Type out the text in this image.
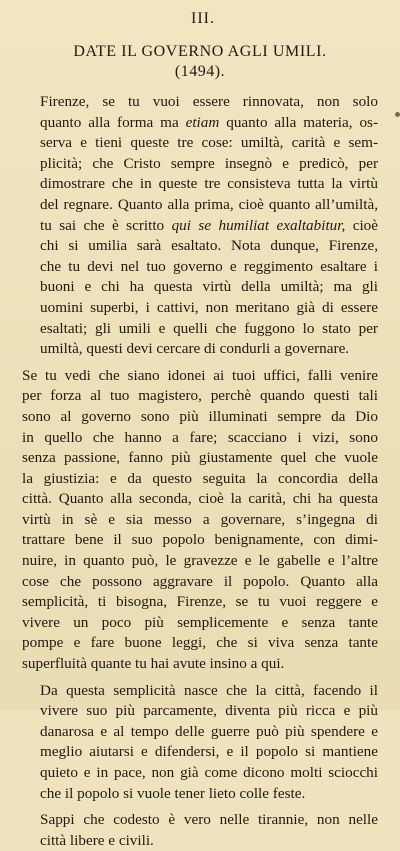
III.
DATE IL GOVERNO AGLI UMILI.
(1494).

Firenze, se tu vuoi essere rinnovata, non solo
quanto alla forma ma etiam quanto alla materia, os-
serva e tieni queste tre cose: umiltà, carità e sem-
plicità; che Cristo sempre insegnò e predicò, per
dimostrare che in queste tre consisteva tutta la virtù
del regnare. Quanto alla prima, cioè quanto all’umiltà,
tu sai che è scritto qui se humiliat exaltabitur, cioè
chi si umilia sarà esaltato. Nota dunque, Firenze,
che tu devi nel tuo governo e reggimento esaltare i
buoni e chi ha questa virtù della umiltà; ma gli
uomini superbi, i cattivi, non meritano già di essere
esaltati; gli umili e quelli che fuggono lo stato per
umiltà, questi devi cercare di condurli a governare.

Se tu vedi che siano idonei ai tuoi uffici, falli venire
per forza al tuo magistero, perchè quando questi tali
sono al governo sono più illuminati sempre da Dio
in quello che hanno a fare; scacciano i vizi, sono
senza passione, fanno più giustamente quel che vuole
la giustizia: e da questo seguita la concordia della
città. Quanto alla seconda, cioè la carità, chi ha questa
virtù in sè e sia messo a governare, s’ingegna di
trattare bene il suo popolo benignamente, con dimi-
nuire, in quanto può, le gravezze e le gabelle e l’altre
cose che possono aggravare il popolo. Quanto alla
semplicità, ti bisogna, Firenze, se tu vuoi reggere e
vivere un poco più semplicemente e senza tante
pompe e fare buone leggi, che si viva senza tante
superfluità quante tu hai avute insino a qui.

Da questa semplicità nasce che la città, facendo il
vivere suo più parcamente, diventa più ricca e più
danarosa e al tempo delle guerre può più spendere e
meglio aiutarsi e difendersi, e il popolo si mantiene
quieto e in pace, non già come dicono molti sciocchi
che il popolo si vuole tener lieto colle feste.

Sappi che codesto è vero nelle tirannie, non nelle
città libere e civili.
